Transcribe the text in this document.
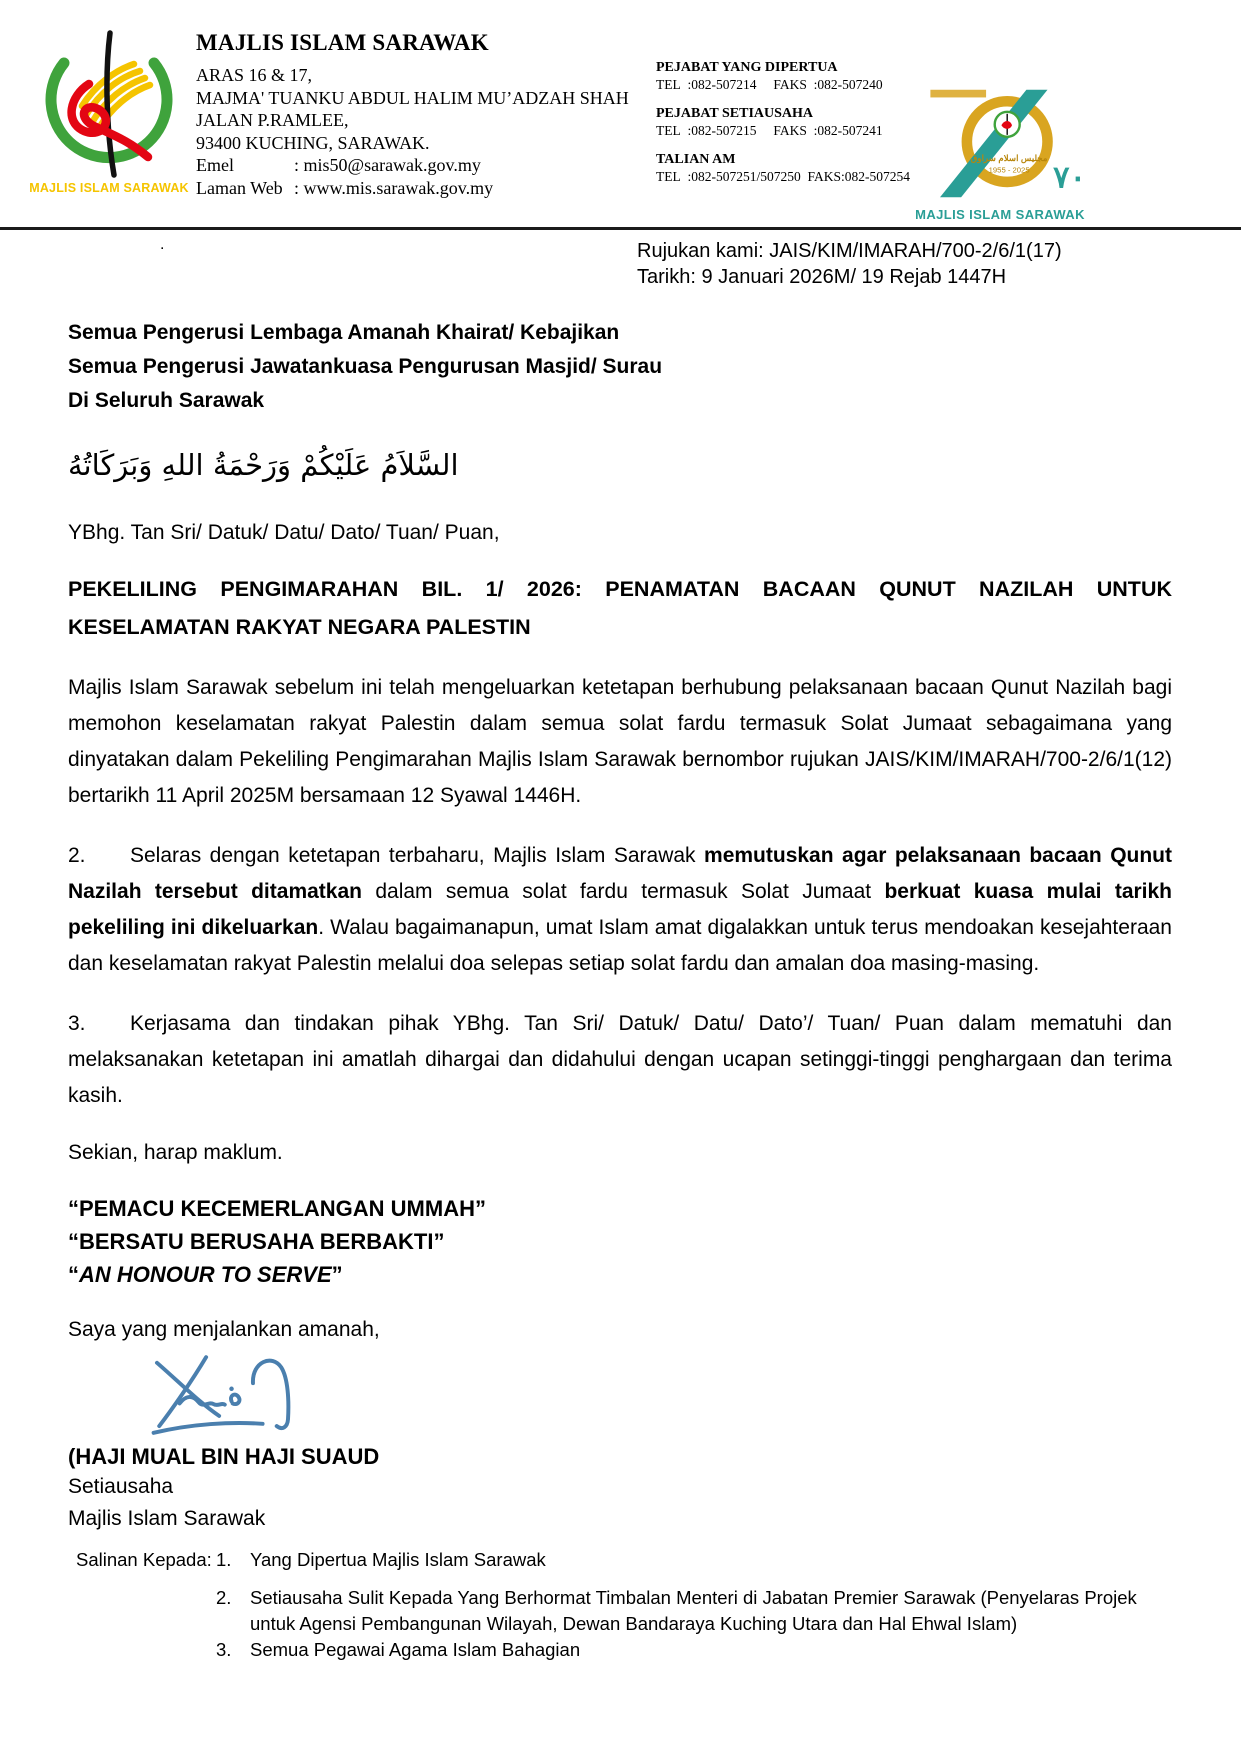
MAJLIS ISLAM SARAWAK
MAJLIS ISLAM SARAWAK
ARAS 16 & 17,
MAJMA' TUANKU ABDUL HALIM MU’ADZAH SHAH
JALAN P.RAMLEE,
93400 KUCHING, SARAWAK.
Emel	: mis50@sarawak.gov.my
Laman Web : www.mis.sarawak.gov.my
PEJABAT YANG DIPERTUA
TEL  :082-507214     FAKS  :082-507240
PEJABAT SETIAUSAHA
TEL  :082-507215     FAKS  :082-507241
TALIAN AM
TEL  :082-507251/507250  FAKS:082-507254
مجليس اسلام سراوق
1955 - 2025 ٧٠
MAJLIS ISLAM SARAWAK
.	Rujukan kami: JAIS/KIM/IMARAH/700-2/6/1(17)
Tarikh: 9 Januari 2026M/ 19 Rejab 1447H
Semua Pengerusi Lembaga Amanah Khairat/ Kebajikan
Semua Pengerusi Jawatankuasa Pengurusan Masjid/ Surau
Di Seluruh Sarawak
السَّلاَمُ عَلَيْكُمْ وَرَحْمَةُ اللهِ وَبَرَكَاتُهُ
YBhg. Tan Sri/ Datuk/ Datu/ Dato/ Tuan/ Puan,
PEKELILING PENGIMARAHAN BIL. 1/ 2026: PENAMATAN BACAAN QUNUT NAZILAH UNTUK KESELAMATAN RAKYAT NEGARA PALESTIN
Majlis Islam Sarawak sebelum ini telah mengeluarkan ketetapan berhubung pelaksanaan bacaan Qunut Nazilah bagi memohon keselamatan rakyat Palestin dalam semua solat fardu termasuk Solat Jumaat sebagaimana yang dinyatakan dalam Pekeliling Pengimarahan Majlis Islam Sarawak bernombor rujukan JAIS/KIM/IMARAH/700-2/6/1(12) bertarikh 11 April 2025M bersamaan 12 Syawal 1446H.
2. Selaras dengan ketetapan terbaharu, Majlis Islam Sarawak memutuskan agar pelaksanaan bacaan Qunut Nazilah tersebut ditamatkan dalam semua solat fardu termasuk Solat Jumaat berkuat kuasa mulai tarikh pekeliling ini dikeluarkan. Walau bagaimanapun, umat Islam amat digalakkan untuk terus mendoakan kesejahteraan dan keselamatan rakyat Palestin melalui doa selepas setiap solat fardu dan amalan doa masing-masing.
3. Kerjasama dan tindakan pihak YBhg. Tan Sri/ Datuk/ Datu/ Dato’/ Tuan/ Puan dalam mematuhi dan melaksanakan ketetapan ini amatlah dihargai dan didahului dengan ucapan setinggi-tinggi penghargaan dan terima kasih.
Sekian, harap maklum.
“PEMACU KECEMERLANGAN UMMAH”
“BERSATU BERUSAHA BERBAKTI”
“AN HONOUR TO SERVE”
Saya yang menjalankan amanah,
(HAJI MUAL BIN HAJI SUAUD
Setiausaha
Majlis Islam Sarawak
Salinan Kepada: 1.	Yang Dipertua Majlis Islam Sarawak
2.	Setiausaha Sulit Kepada Yang Berhormat Timbalan Menteri di Jabatan Premier Sarawak (Penyelaras Projek untuk Agensi Pembangunan Wilayah, Dewan Bandaraya Kuching Utara dan Hal Ehwal Islam)
3.	Semua Pegawai Agama Islam Bahagian
